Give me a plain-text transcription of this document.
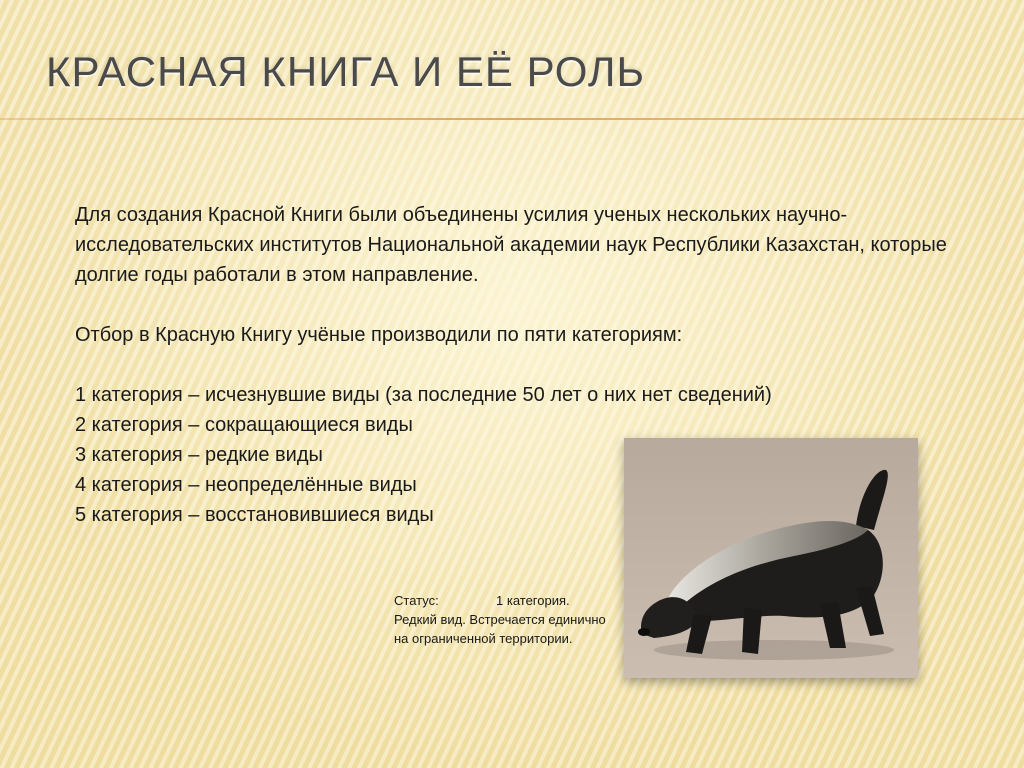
КРАСНАЯ КНИГА И ЕЁ РОЛЬ

Для создания Красной Книги были объединены усилия ученых нескольких научно-исследовательских институтов Национальной академии наук Республики Казахстан, которые долгие годы работали в этом направление.

Отбор в Красную Книгу учёные производили по пяти категориям:

1 категория – исчезнувшие виды (за последние 50 лет о них нет сведений)

2 категория – сокращающиеся виды

3 категория – редкие виды

4 категория – неопределённые виды

5 категория – восстановившиеся виды

Статус:	1 категория.
Редкий вид. Встречается единично на ограниченной территории.
